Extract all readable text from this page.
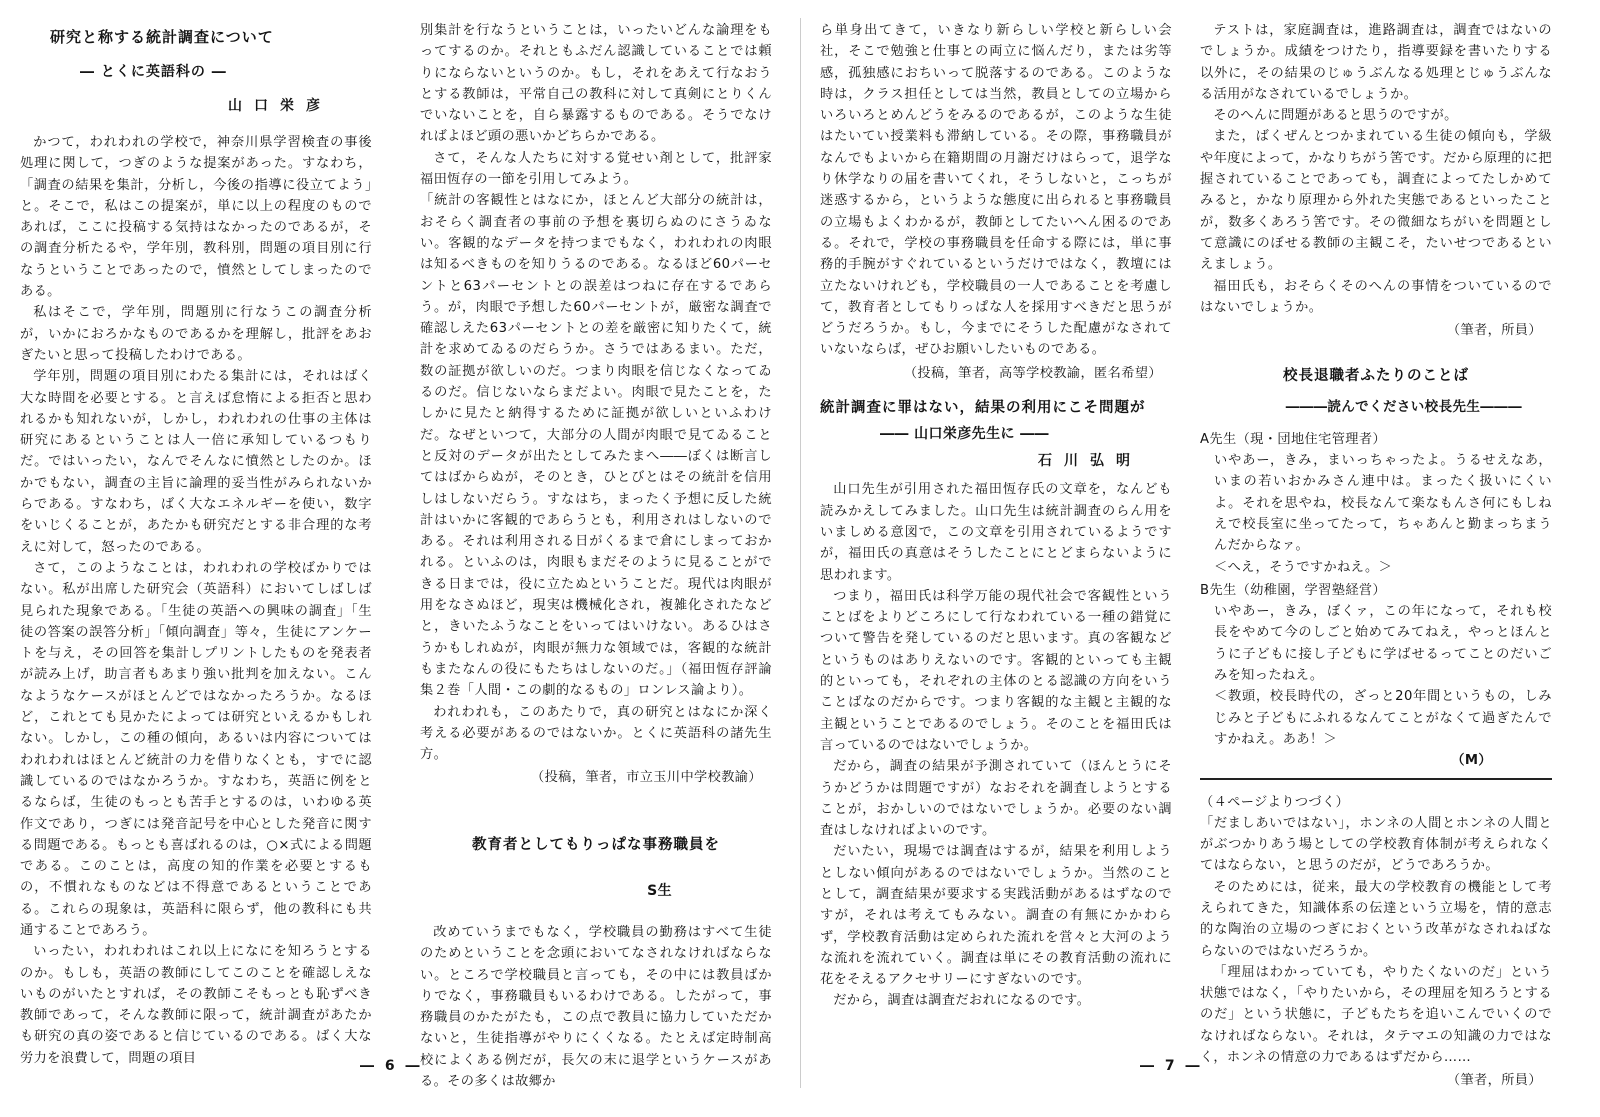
研究と称する統計調査について
― とくに英語科の ―
山口栄彦

かつて，われわれの学校で，神奈川県学習検査の事後処理に関して，つぎのような提案があった。すなわち，「調査の結果を集計，分析し，今後の指導に役立てよう」と。そこで，私はこの提案が，単に以上の程度のものであれば，ここに投稿する気持はなかったのであるが，その調査分析たるや，学年別，教科別，問題の項目別に行なうということであったので，憤然としてしまったのである。

私はそこで，学年別，問題別に行なうこの調査分析が，いかにおろかなものであるかを理解し，批評をあおぎたいと思って投稿したわけである。

学年別，問題の項目別にわたる集計には，それはばく大な時間を必要とする。と言えば怠惰による拒否と思われるかも知れないが，しかし，われわれの仕事の主体は研究にあるということは人一倍に承知しているつもりだ。ではいったい，なんでそんなに憤然としたのか。ほかでもない，調査の主旨に論理的妥当性がみられないからである。すなわち，ばく大なエネルギーを使い，数字をいじくることが，あたかも研究だとする非合理的な考えに対して，怒ったのである。

さて，このようなことは，われわれの学校ばかりではない。私が出席した研究会（英語科）においてしばしば見られた現象である。「生徒の英語への興味の調査」「生徒の答案の誤答分析」「傾向調査」等々，生徒にアンケートを与え，その回答を集計しプリントしたものを発表者が読み上げ，助言者もあまり強い批判を加えない。こんなようなケースがほとんどではなかったろうか。なるほど，これとても見かたによっては研究といえるかもしれない。しかし，この種の傾向，あるいは内容についてはわれわれはほとんど統計の力を借りなくとも，すでに認識しているのではなかろうか。すなわち，英語に例をとるならば，生徒のもっとも苦手とするのは，いわゆる英作文であり，つぎには発音記号を中心とした発音に関する問題である。もっとも喜ばれるのは，○×式による問題である。このことは，高度の知的作業を必要とするもの，不慣れなものなどは不得意であるということである。これらの現象は，英語科に限らず，他の教科にも共通することであろう。

いったい，われわれはこれ以上になにを知ろうとするのか。もしも，英語の教師にしてこのことを確認しえないものがいたとすれば，その教師こそもっとも恥ずべき教師であって，そんな教師に限って，統計調査があたかも研究の真の姿であると信じているのである。ばく大な労力を浪費して，問題の項目

別集計を行なうということは，いったいどんな論理をもってするのか。それともふだん認識していることでは頼りにならないというのか。もし，それをあえて行なおうとする教師は，平常自己の教科に対して真剣にとりくんでいないことを，自ら暴露するものである。そうでなければよほど頭の悪いかどちらかである。

さて，そんな人たちに対する覚せい剤として，批評家福田恆存の一節を引用してみよう。

「統計の客観性とはなにか，ほとんど大部分の統計は，おそらく調査者の事前の予想を裏切らぬのにさうゐない。客観的なデータを持つまでもなく，われわれの肉眼は知るべきものを知りうるのである。なるほど60パーセントと63パーセントとの誤差はつねに存在するであらう。が，肉眼で予想した60パーセントが，厳密な調査で確認しえた63パーセントとの差を厳密に知りたくて，統計を求めてゐるのだらうか。さうではあるまい。ただ，数の証拠が欲しいのだ。つまり肉眼を信じなくなってゐるのだ。信じないならまだよい。肉眼で見たことを，たしかに見たと納得するために証拠が欲しいといふわけだ。なぜといつて，大部分の人間が肉眼で見てゐることと反対のデータが出たとしてみたまへ――ぼくは断言してはばからぬが，そのとき，ひとびとはその統計を信用しはしないだらう。すなはち，まったく予想に反した統計はいかに客観的であらうとも，利用されはしないのである。それは利用される日がくるまで倉にしまっておかれる。といふのは，肉眼もまだそのように見ることができる日までは，役に立たぬということだ。現代は肉眼が用をなさぬほど，現実は機械化され，複雑化されたなどと，きいたふうなことをいってはいけない。あるひはさうかもしれぬが，肉眼が無力な領域では，客観的な統計もまたなんの役にもたちはしないのだ。」（福田恆存評論集２巻「人間・この劇的なるもの」ロンレス論より）。

われわれも，このあたりで，真の研究とはなにか深く考える必要があるのではないか。とくに英語科の諸先生方。

（投稿，筆者，市立玉川中学校教諭）
教育者としてもりっぱな事務職員を
S生

改めていうまでもなく，学校職員の勤務はすべて生徒のためということを念頭においてなされなければならない。ところで学校職員と言っても，その中には教員ばかりでなく，事務職員もいるわけである。したがって，事務職員のかたがたも，この点で教員に協力していただかないと，生徒指導がやりにくくなる。たとえば定時制高校によくある例だが，長欠の末に退学というケースがある。その多くは故郷か

ら単身出てきて，いきなり新らしい学校と新らしい会社，そこで勉強と仕事との両立に悩んだり，または劣等感，孤独感におちいって脱落するのである。このような時は，クラス担任としては当然，教員としての立場からいろいろとめんどうをみるのであるが，このような生徒はたいてい授業料も滞納している。その際，事務職員がなんでもよいから在籍期間の月謝だけはらって，退学なり休学なりの届を書いてくれ，そうしないと，こっちが迷惑するから，というような態度に出られると事務職員の立場もよくわかるが，教師としてたいへん困るのである。それで，学校の事務職員を任命する際には，単に事務的手腕がすぐれているというだけではなく，教壇には立たないけれども，学校職員の一人であることを考慮して，教育者としてもりっぱな人を採用すべきだと思うがどうだろうか。もし，今までにそうした配慮がなされていないならば，ぜひお願いしたいものである。

（投稿，筆者，高等学校教諭，匿名希望）
統計調査に罪はない，結果の利用にこそ問題が
―― 山口栄彦先生に ――
石川弘明

山口先生が引用された福田恆存氏の文章を，なんども読みかえしてみました。山口先生は統計調査のらん用をいましめる意図で，この文章を引用されているようですが，福田氏の真意はそうしたことにとどまらないように思われます。

つまり，福田氏は科学万能の現代社会で客観性ということばをよりどころにして行なわれている一種の錯覚について警告を発しているのだと思います。真の客観などというものはありえないのです。客観的といっても主観的といっても，それぞれの主体のとる認識の方向をいうことばなのだからです。つまり客観的な主観と主観的な主観ということであるのでしょう。そのことを福田氏は言っているのではないでしょうか。

だから，調査の結果が予測されていて（ほんとうにそうかどうかは問題ですが）なおそれを調査しようとすることが，おかしいのではないでしょうか。必要のない調査はしなければよいのです。

だいたい，現場では調査はするが，結果を利用しようとしない傾向があるのではないでしょうか。当然のこととして，調査結果が要求する実践活動があるはずなのですが，それは考えてもみない。調査の有無にかかわらず，学校教育活動は定められた流れを営々と大河のような流れを流れていく。調査は単にその教育活動の流れに花をそえるアクセサリーにすぎないのです。

だから，調査は調査だおれになるのです。

テストは，家庭調査は，進路調査は，調査ではないのでしょうか。成績をつけたり，指導要録を書いたりする以外に，その結果のじゅうぶんなる処理とじゅうぶんなる活用がなされているでしょうか。

そのへんに問題があると思うのですが。

また，ばくぜんとつかまれている生徒の傾向も，学級や年度によって，かなりちがう筈です。だから原理的に把握されていることであっても，調査によってたしかめてみると，かなり原理から外れた実態であるといったことが，数多くあろう筈です。その微細なちがいを問題として意識にのぼせる教師の主観こそ，たいせつであるといえましょう。

福田氏も，おそらくそのへんの事情をついているのではないでしょうか。

（筆者，所員）
校長退職者ふたりのことば
―――読んでください校長先生―――

A先生（現・団地住宅管理者）

いやあー，きみ，まいっちゃったよ。うるせえなあ，いまの若いおかみさん連中は。まったく扱いにくいよ。それを思やね，校長なんて楽なもんさ何にもしねえで校長室に坐ってたって，ちゃあんと勤まっちまうんだからなァ。

＜へえ，そうですかねえ。＞

B先生（幼稚園，学習塾経営）

いやあー，きみ，ぼくァ，この年になって，それも校長をやめて今のしごと始めてみてねえ，やっとほんとうに子どもに接し子どもに学ばせるってことのだいごみを知ったねえ。

＜教頭，校長時代の，ざっと20年間というもの，しみじみと子どもにふれるなんてことがなくて過ぎたんですかねえ。ああ！＞

（M）

（４ページよりつづく）

「だましあいではない」，ホンネの人間とホンネの人間とがぶつかりあう場としての学校教育体制が考えられなくてはならない，と思うのだが，どうであろうか。

そのためには，従来，最大の学校教育の機能として考えられてきた，知識体系の伝達という立場を，情的意志的な陶治の立場のつぎにおくという改革がなされねばならないのではないだろうか。

「理屈はわかっていても，やりたくないのだ」という状態ではなく，「やりたいから，その理屈を知ろうとするのだ」という状態に，子どもたちを追いこんでいくのでなければならない。それは，タテマエの知識の力ではなく，ホンネの情意の力であるはずだから……

（筆者，所員）
― 6 ―	― 7 ―
